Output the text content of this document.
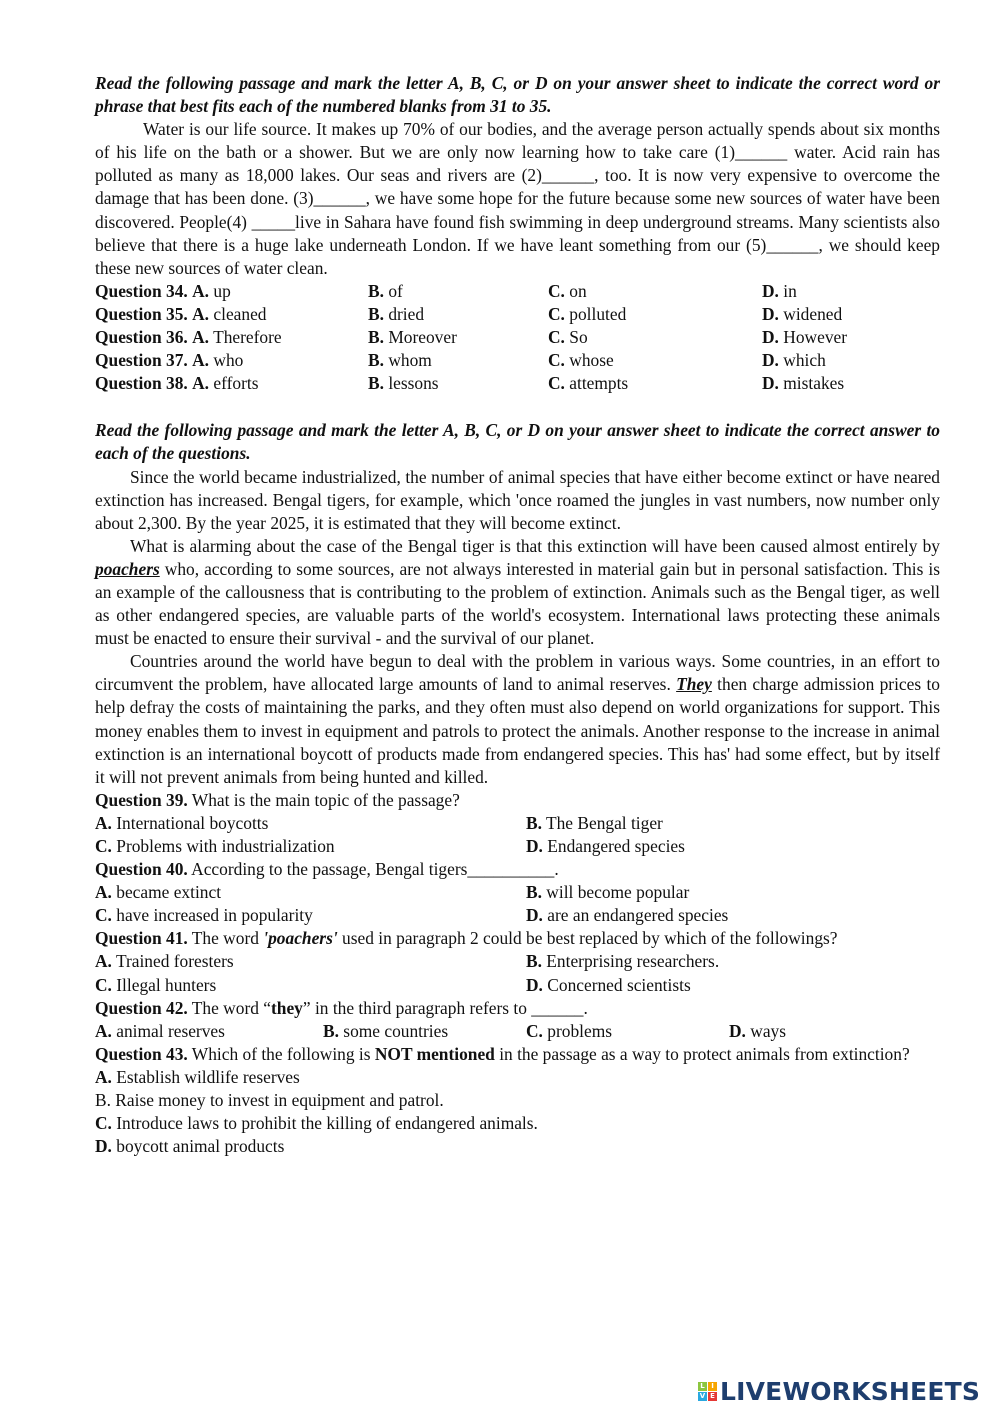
Read the following passage and mark the letter A, B, C, or D on your answer sheet to indicate the correct word or phrase that best fits each of the numbered blanks from 31 to 35.
Water is our life source. It makes up 70% of our bodies, and the average person actually spends about six months of his life on the bath or a shower. But we are only now learning how to take care (1)______ water. Acid rain has polluted as many as 18,000 lakes. Our seas and rivers are (2)______, too. It is now very expensive to overcome the damage that has been done. (3)______, we have some hope for the future because some new sources of water have been discovered. People(4) _____live in Sahara have found fish swimming in deep underground streams. Many scientists also believe that there is a huge lake underneath London. If we have leant something from our (5)______, we should keep these new sources of water clean.
Question 34. A. up	B. of	C. on	D. in
Question 35. A. cleaned	B. dried	C. polluted	D. widened
Question 36. A. Therefore	B. Moreover	C. So	D. However
Question 37. A. who	B. whom	C. whose	D. which
Question 38. A. efforts	B. lessons	C. attempts	D. mistakes
Read the following passage and mark the letter A, B, C, or D on your answer sheet to indicate the correct answer to each of the questions.
Since the world became industrialized, the number of animal species that have either become extinct or have neared extinction has increased. Bengal tigers, for example, which 'once roamed the jungles in vast numbers, now number only about 2,300. By the year 2025, it is estimated that they will become extinct.
What is alarming about the case of the Bengal tiger is that this extinction will have been caused almost entirely by poachers who, according to some sources, are not always interested in material gain but in personal satisfaction. This is an example of the callousness that is contributing to the problem of extinction. Animals such as the Bengal tiger, as well as other endangered species, are valuable parts of the world's ecosystem. International laws protecting these animals must be enacted to ensure their survival - and the survival of our planet.
Countries around the world have begun to deal with the problem in various ways. Some countries, in an effort to circumvent the problem, have allocated large amounts of land to animal reserves. They then charge admission prices to help defray the costs of maintaining the parks, and they often must also depend on world organizations for support. This money enables them to invest in equipment and patrols to protect the animals. Another response to the increase in animal extinction is an international boycott of products made from endangered species. This has' had some effect, but by itself it will not prevent animals from being hunted and killed.
Question 39. What is the main topic of the passage?
A. International boycotts	B. The Bengal tiger
C. Problems with industrialization	D. Endangered species
Question 40. According to the passage, Bengal tigers__________.
A. became extinct	B. will become popular
C. have increased in popularity	D. are an endangered species
Question 41. The word 'poachers' used in paragraph 2 could be best replaced by which of the followings?
A. Trained foresters	B. Enterprising researchers.
C. Illegal hunters	D. Concerned scientists
Question 42. The word “they” in the third paragraph refers to ______.
A. animal reserves	B. some countries	C. problems	D. ways
Question 43. Which of the following is NOT mentioned in the passage as a way to protect animals from extinction?
A. Establish wildlife reserves
B. Raise money to invest in equipment and patrol.
C. Introduce laws to prohibit the killing of endangered animals.
D. boycott animal products
L I
V E LIVEWORKSHEETS
